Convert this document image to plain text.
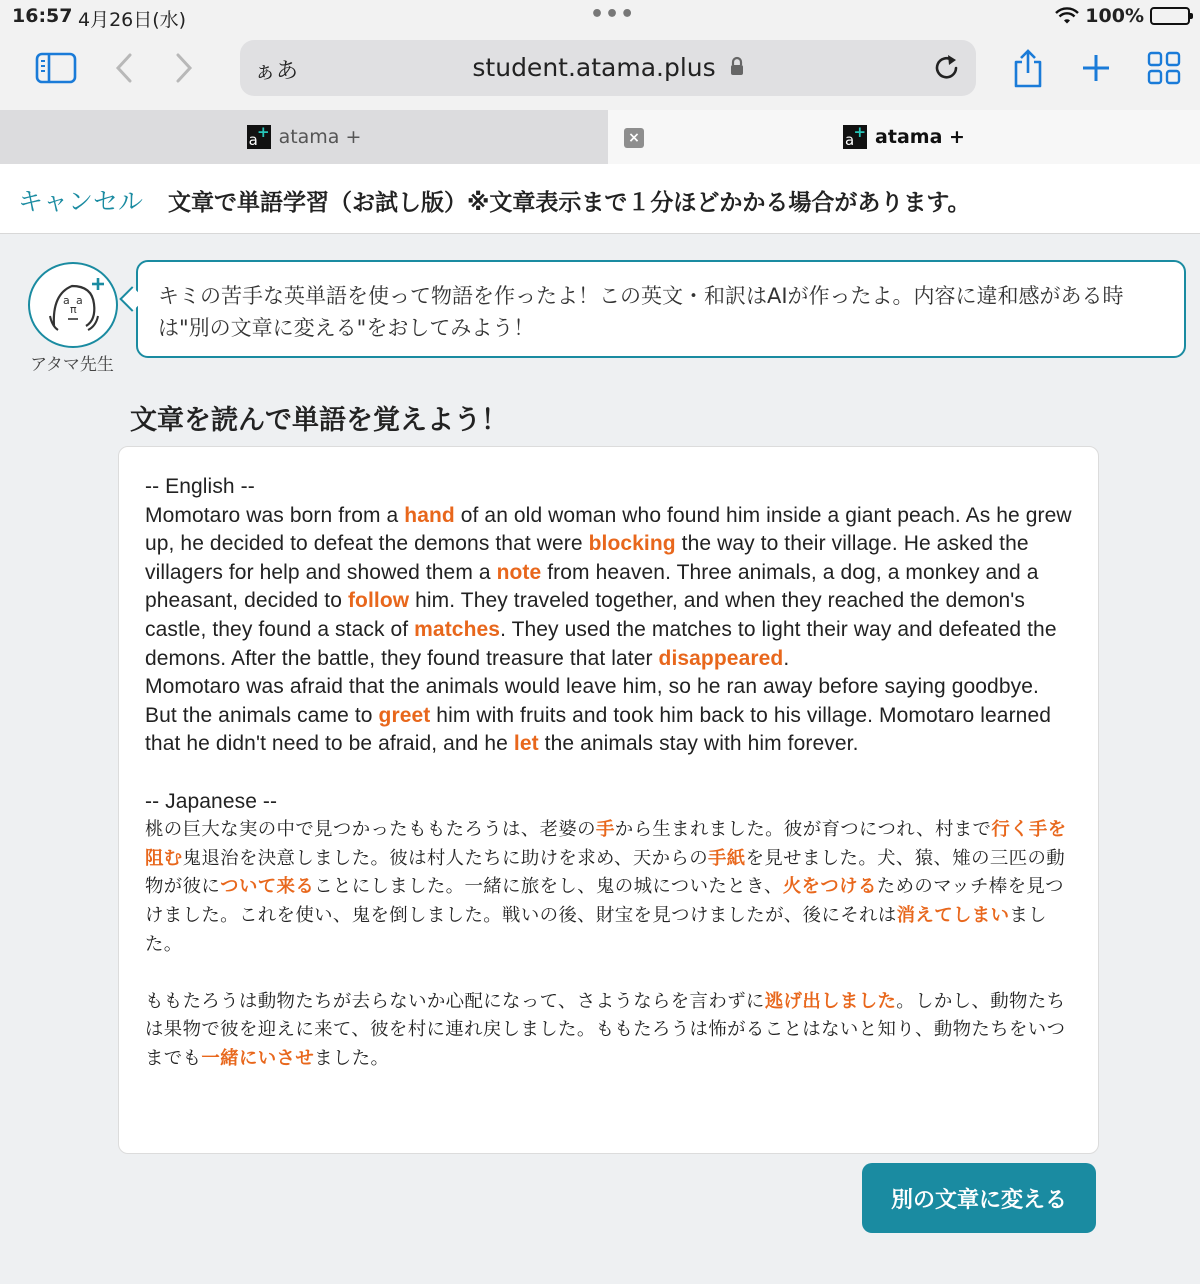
16:57 4月26日(水)	•••	100%
ぁあ	student.atama.plus
a + atama +	×	a + atama +
キャンセル 文章で単語学習（お試し版）※文章表示まで１分ほどかかる場合があります。
a a
π
アタマ先生
キミの苦手な英単語を使って物語を作ったよ！この英文・和訳はAIが作ったよ。内容に違和感がある時は"別の文章に変える"をおしてみよう！
文章を読んで単語を覚えよう！
-- English --
Momotaro was born from a hand of an old woman who found him inside a giant peach. As he grew up, he decided to defeat the demons that were blocking the way to their village. He asked the villagers for help and showed them a note from heaven. Three animals, a dog, a monkey and a pheasant, decided to follow him. They traveled together, and when they reached the demon's castle, they found a stack of matches. They used the matches to light their way and defeated the demons. After the battle, they found treasure that later disappeared.
Momotaro was afraid that the animals would leave him, so he ran away before saying goodbye. But the animals came to greet him with fruits and took him back to his village. Momotaro learned that he didn't need to be afraid, and he let the animals stay with him forever.
-- Japanese --
桃の巨大な実の中で見つかったももたろうは、老婆の手から生まれました。彼が育つにつれ、村まで行く手を阻む鬼退治を決意しました。彼は村人たちに助けを求め、天からの手紙を見せました。犬、猿、雉の三匹の動物が彼について来ることにしました。一緒に旅をし、鬼の城についたとき、火をつけるためのマッチ棒を見つけました。これを使い、鬼を倒しました。戦いの後、財宝を見つけましたが、後にそれは消えてしまいました。
ももたろうは動物たちが去らないか心配になって、さようならを言わずに逃げ出しました。しかし、動物たちは果物で彼を迎えに来て、彼を村に連れ戻しました。ももたろうは怖がることはないと知り、動物たちをいつまでも一緒にいさせました。
別の文章に変える
